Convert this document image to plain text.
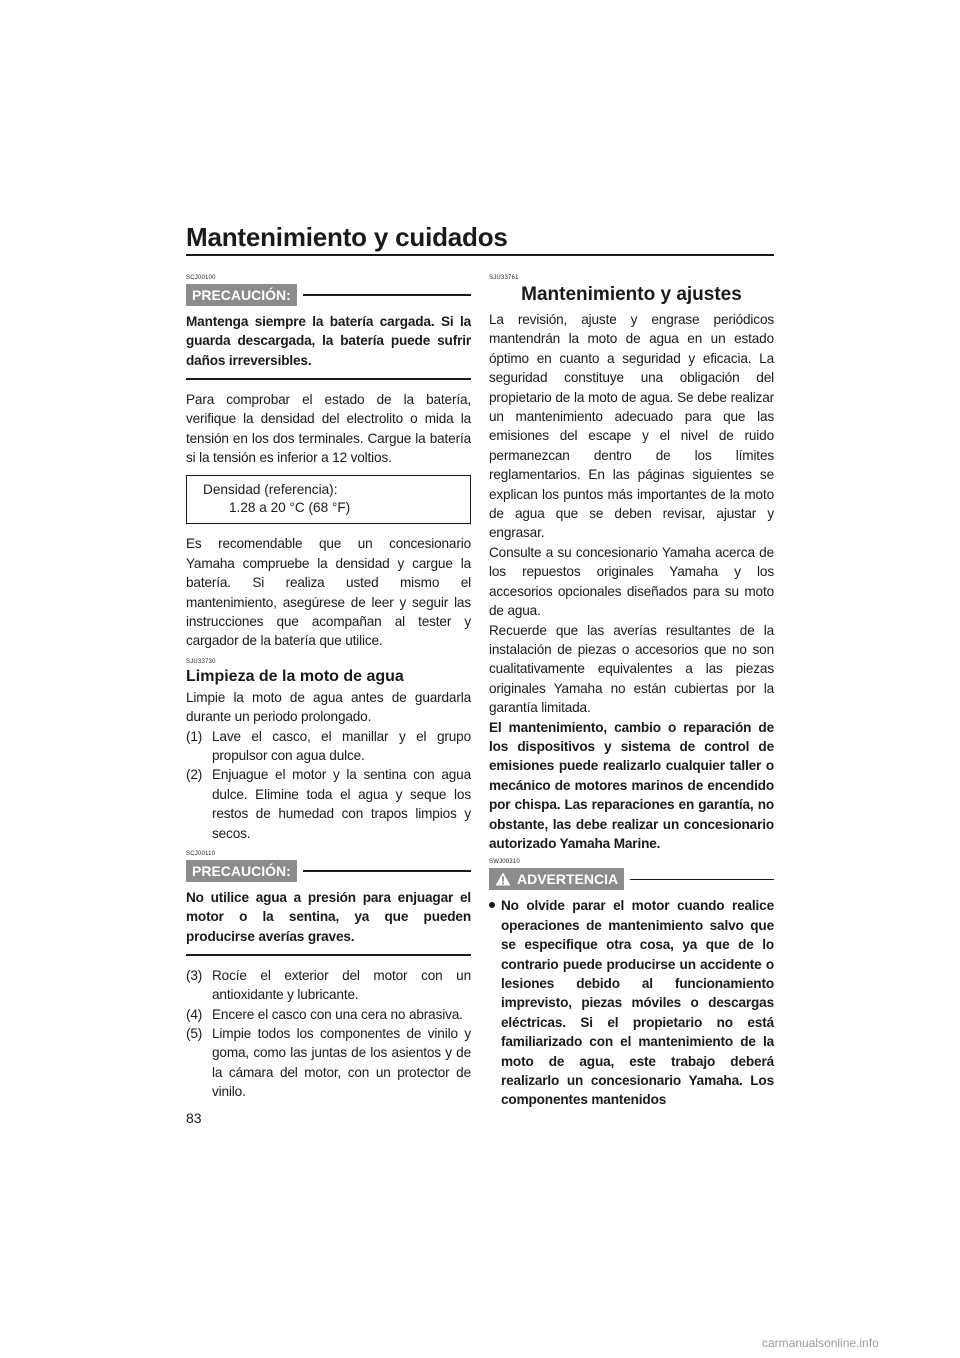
Mantenimiento y cuidados
SCJ00100
PRECAUCIÓN:

Mantenga siempre la batería cargada. Si la guarda descargada, la batería puede sufrir daños irreversibles.

Para comprobar el estado de la batería, verifique la densidad del electrolito o mida la tensión en los dos terminales. Cargue la batería si la tensión es inferior a 12 voltios.

Densidad (referencia):
1.28 a 20 °C (68 °F)

Es recomendable que un concesionario Yamaha compruebe la densidad y cargue la batería. Si realiza usted mismo el mantenimiento, asegúrese de leer y seguir las instrucciones que acompañan al tester y cargador de la batería que utilice.

SJU33730
Limpieza de la moto de agua

Limpie la moto de agua antes de guardarla durante un periodo prolongado.

(1) Lave el casco, el manillar y el grupo propulsor con agua dulce.
(2) Enjuague el motor y la sentina con agua dulce. Elimine toda el agua y seque los restos de humedad con trapos limpios y secos.
SCJ00110
PRECAUCIÓN:

No utilice agua a presión para enjuagar el motor o la sentina, ya que pueden producirse averías graves.

(3) Rocíe el exterior del motor con un antioxidante y lubricante.
(4) Encere el casco con una cera no abrasiva.
(5) Limpie todos los componentes de vinilo y goma, como las juntas de los asientos y de la cámara del motor, con un protector de vinilo.
SJU33761
Mantenimiento y ajustes

La revisión, ajuste y engrase periódicos mantendrán la moto de agua en un estado óptimo en cuanto a seguridad y eficacia. La seguridad constituye una obligación del propietario de la moto de agua. Se debe realizar un mantenimiento adecuado para que las emisiones del escape y el nivel de ruido permanezcan dentro de los límites reglamentarios. En las páginas siguientes se explican los puntos más importantes de la moto de agua que se deben revisar, ajustar y engrasar.

Consulte a su concesionario Yamaha acerca de los repuestos originales Yamaha y los accesorios opcionales diseñados para su moto de agua.

Recuerde que las averías resultantes de la instalación de piezas o accesorios que no son cualitativamente equivalentes a las piezas originales Yamaha no están cubiertas por la garantía limitada.

El mantenimiento, cambio o reparación de los dispositivos y sistema de control de emisiones puede realizarlo cualquier taller o mecánico de motores marinos de encendido por chispa. Las reparaciones en garantía, no obstante, las debe realizar un concesionario autorizado Yamaha Marine.

SWJ00310
ADVERTENCIA
No olvide parar el motor cuando realice operaciones de mantenimiento salvo que se especifique otra cosa, ya que de lo contrario puede producirse un accidente o lesiones debido al funcionamiento imprevisto, piezas móviles o descargas eléctricas. Si el propietario no está familiarizado con el mantenimiento de la moto de agua, este trabajo deberá realizarlo un concesionario Yamaha. Los componentes mantenidos
83
carmanualsonline.info
